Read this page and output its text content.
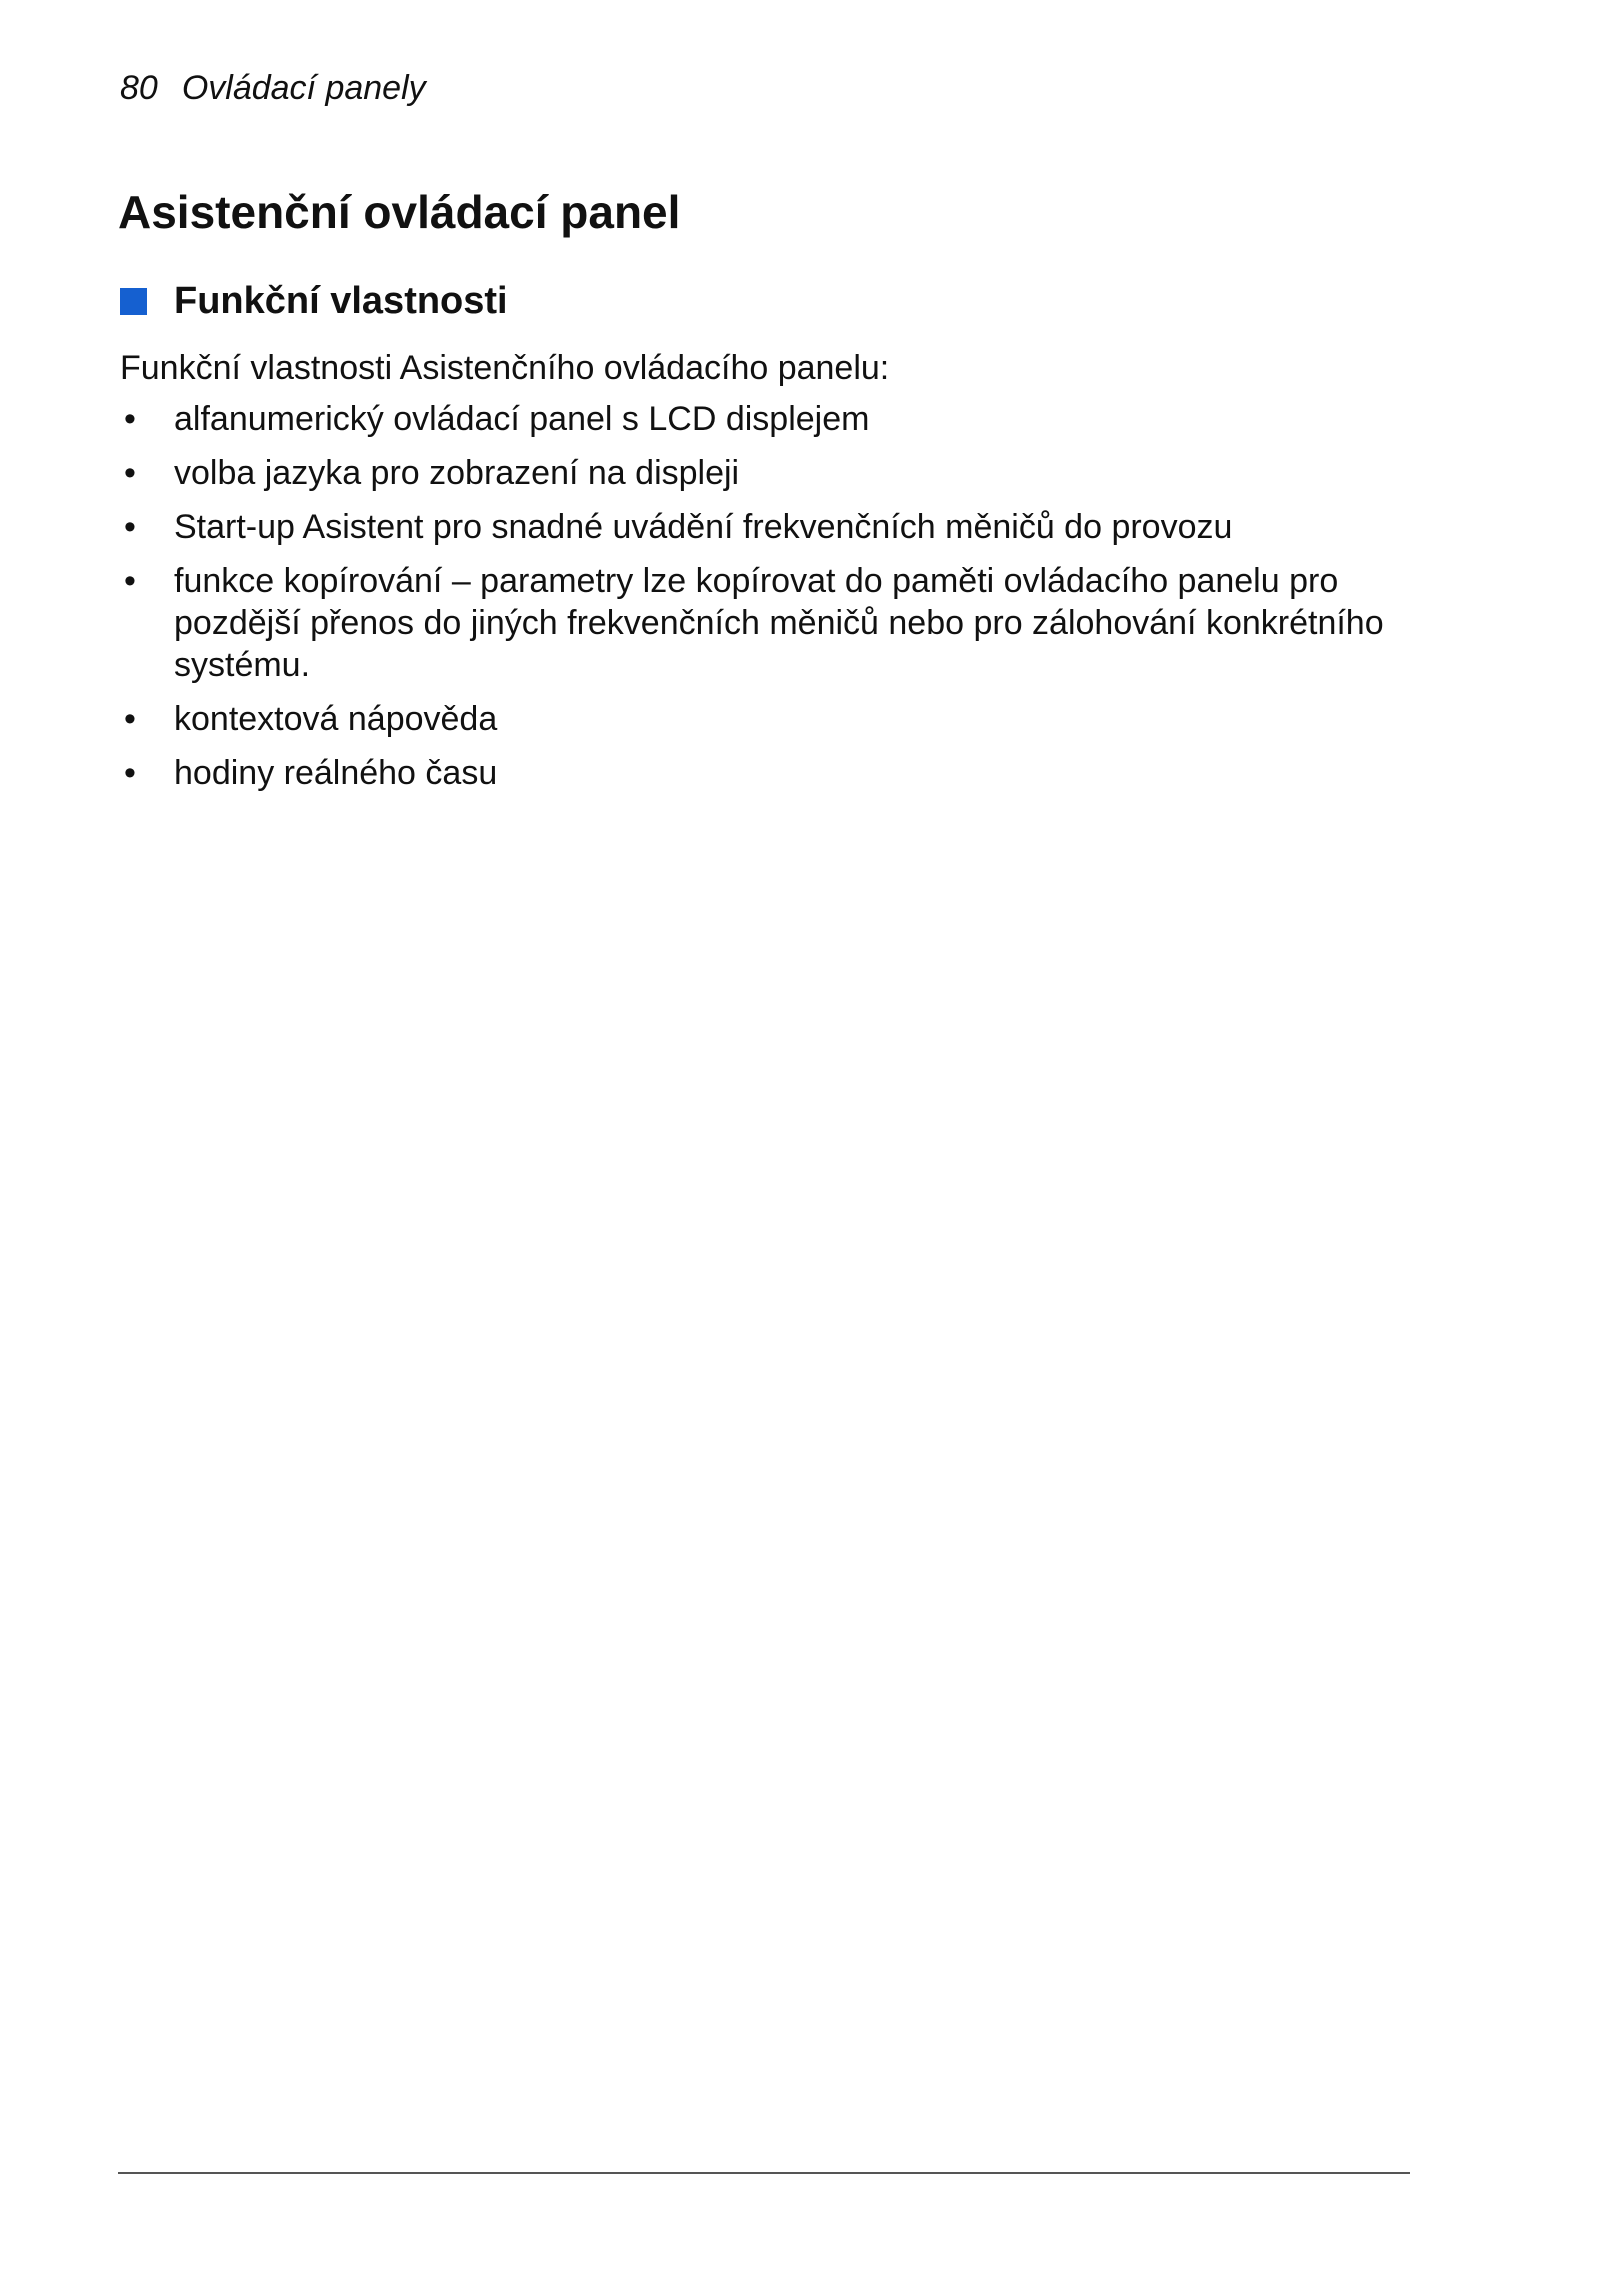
80 Ovládací panely
Asistenční ovládací panel
Funkční vlastnosti

Funkční vlastnosti Asistenčního ovládacího panelu:

• alfanumerický ovládací panel s LCD displejem
• volba jazyka pro zobrazení na displeji
• Start-up Asistent pro snadné uvádění frekvenčních měničů do provozu
• funkce kopírování – parametry lze kopírovat do paměti ovládacího panelu pro pozdější přenos do jiných frekvenčních měničů nebo pro zálohování konkrétního systému.
• kontextová nápověda
• hodiny reálného času
